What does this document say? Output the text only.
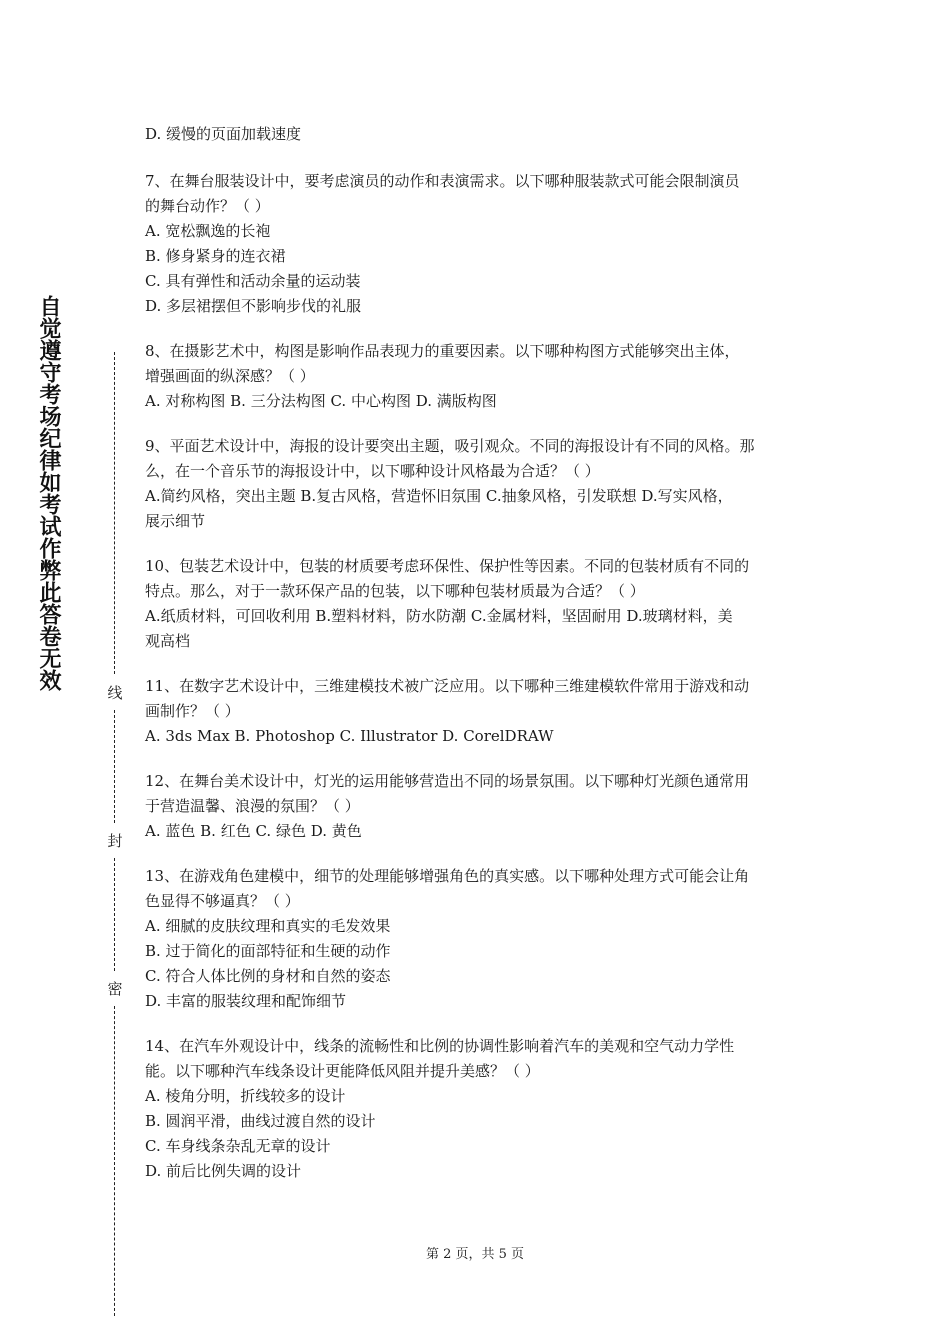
自觉遵守考场纪律如考试作弊此答卷无效
线
封
密
D. 缓慢的页面加载速度
7、在舞台服装设计中，要考虑演员的动作和表演需求。以下哪种服装款式可能会限制演员
的舞台动作？（ ）
A. 宽松飘逸的长袍
B. 修身紧身的连衣裙
C. 具有弹性和活动余量的运动装
D. 多层裙摆但不影响步伐的礼服
8、在摄影艺术中，构图是影响作品表现力的重要因素。以下哪种构图方式能够突出主体，
增强画面的纵深感？（ ）
A. 对称构图 B. 三分法构图 C. 中心构图 D. 满版构图
9、平面艺术设计中，海报的设计要突出主题，吸引观众。不同的海报设计有不同的风格。那
么，在一个音乐节的海报设计中，以下哪种设计风格最为合适？（ ）
A.简约风格，突出主题 B.复古风格，营造怀旧氛围 C.抽象风格，引发联想 D.写实风格，
展示细节
10、包装艺术设计中，包装的材质要考虑环保性、保护性等因素。不同的包装材质有不同的
特点。那么，对于一款环保产品的包装，以下哪种包装材质最为合适？（ ）
A.纸质材料，可回收利用 B.塑料材料，防水防潮 C.金属材料，坚固耐用 D.玻璃材料，美
观高档
11、在数字艺术设计中，三维建模技术被广泛应用。以下哪种三维建模软件常用于游戏和动
画制作？（ ）
A. 3ds Max B. Photoshop C. Illustrator D. CorelDRAW
12、在舞台美术设计中，灯光的运用能够营造出不同的场景氛围。以下哪种灯光颜色通常用
于营造温馨、浪漫的氛围？（ ）
A. 蓝色 B. 红色 C. 绿色 D. 黄色
13、在游戏角色建模中，细节的处理能够增强角色的真实感。以下哪种处理方式可能会让角
色显得不够逼真？（ ）
A. 细腻的皮肤纹理和真实的毛发效果
B. 过于简化的面部特征和生硬的动作
C. 符合人体比例的身材和自然的姿态
D. 丰富的服装纹理和配饰细节
14、在汽车外观设计中，线条的流畅性和比例的协调性影响着汽车的美观和空气动力学性
能。以下哪种汽车线条设计更能降低风阻并提升美感？（ ）
A. 棱角分明，折线较多的设计
B. 圆润平滑，曲线过渡自然的设计
C. 车身线条杂乱无章的设计
D. 前后比例失调的设计
第 2 页，共 5 页
